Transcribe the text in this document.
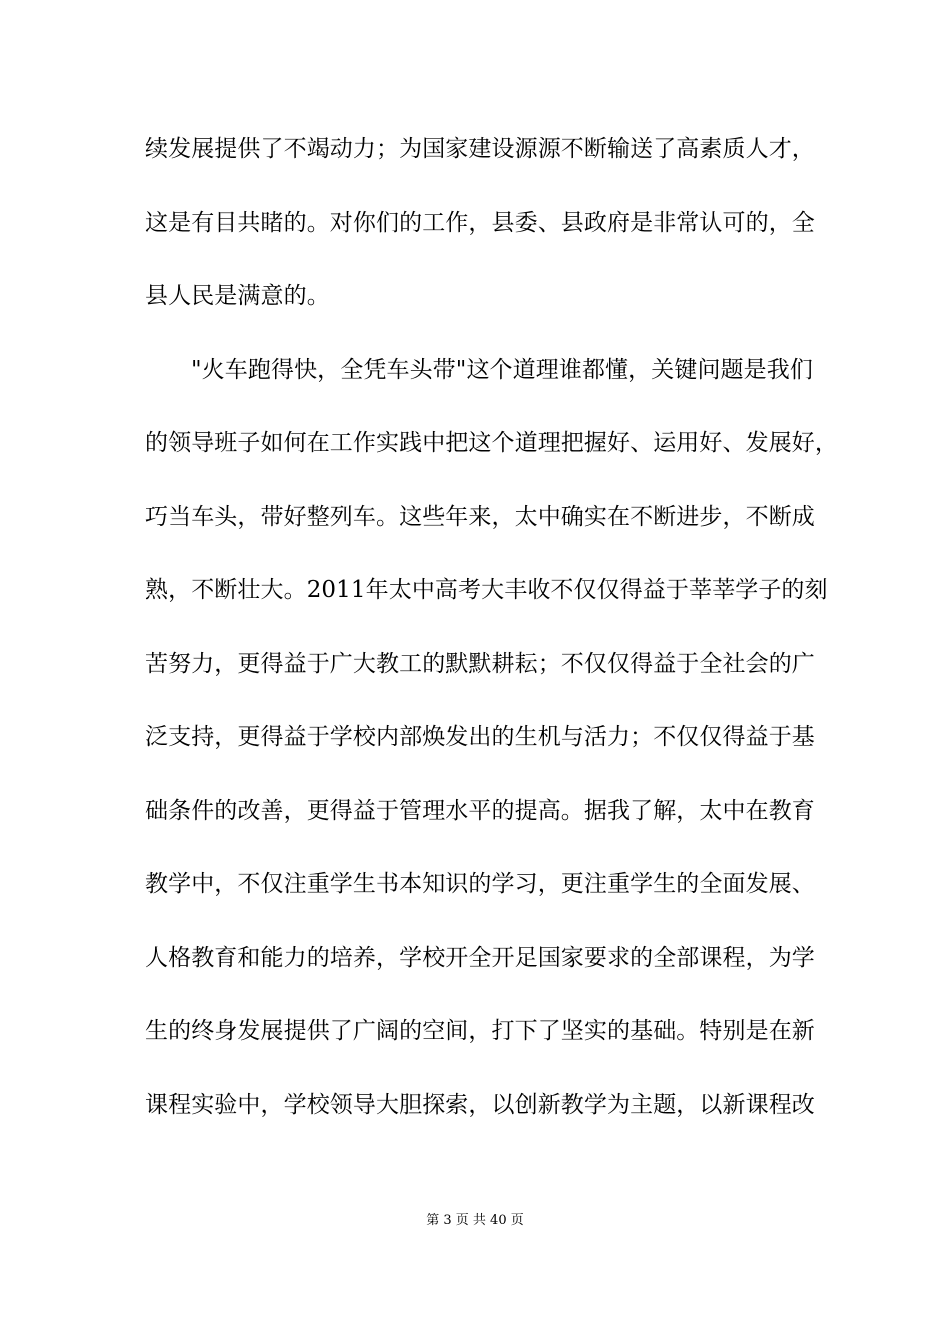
续发展提供了不竭动力；为国家建设源源不断输送了高素质人才，
这是有目共睹的。对你们的工作，县委、县政府是非常认可的，全
县人民是满意的。
"火车跑得快，全凭车头带"这个道理谁都懂，关键问题是我们
的领导班子如何在工作实践中把这个道理把握好、运用好、发展好，
巧当车头，带好整列车。这些年来，太中确实在不断进步，不断成
熟，不断壮大。2011年太中高考大丰收不仅仅得益于莘莘学子的刻
苦努力，更得益于广大教工的默默耕耘；不仅仅得益于全社会的广
泛支持，更得益于学校内部焕发出的生机与活力；不仅仅得益于基
础条件的改善，更得益于管理水平的提高。据我了解，太中在教育
教学中，不仅注重学生书本知识的学习，更注重学生的全面发展、
人格教育和能力的培养，学校开全开足国家要求的全部课程，为学
生的终身发展提供了广阔的空间，打下了坚实的基础。特别是在新
课程实验中，学校领导大胆探索，以创新教学为主题，以新课程改
第 3 页 共 40 页
